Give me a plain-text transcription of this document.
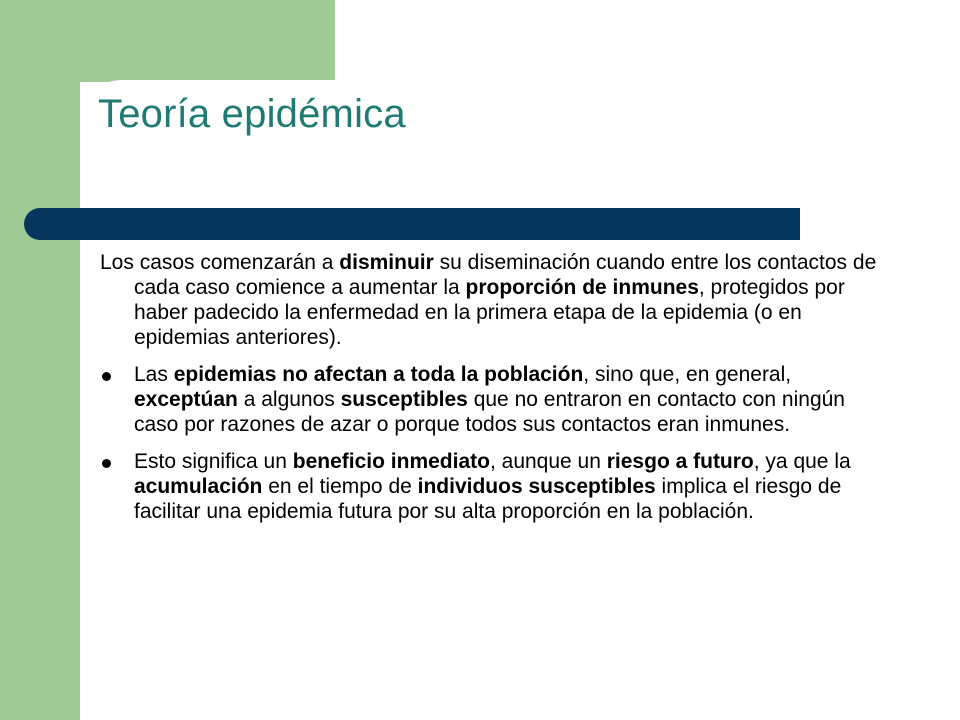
Teoría epidémica

Los casos comenzarán a disminuir su diseminación cuando entre los contactos de cada caso comience a aumentar la proporción de inmunes, protegidos por haber padecido la enfermedad en la primera etapa de la epidemia (o en epidemias anteriores).

Las epidemias no afectan a toda la población, sino que, en general, exceptúan a algunos susceptibles que no entraron en contacto con ningún caso por razones de azar o porque todos sus contactos eran inmunes.
Esto significa un beneficio inmediato, aunque un riesgo a futuro, ya que la acumulación en el tiempo de individuos susceptibles implica el riesgo de facilitar una epidemia futura por su alta proporción en la población.
